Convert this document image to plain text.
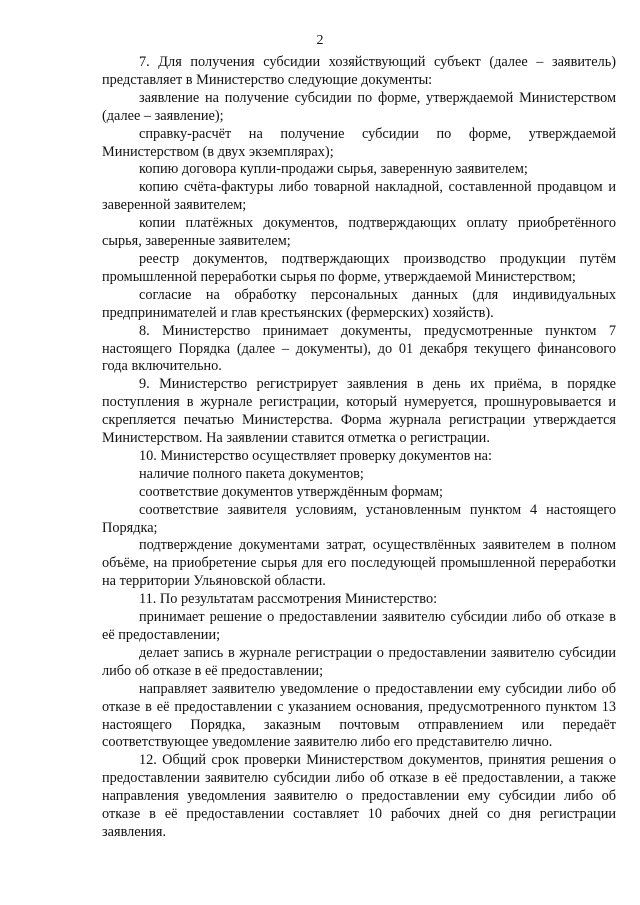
2

7. Для получения субсидии хозяйствующий субъект (далее – заявитель) представляет в Министерство следующие документы:

заявление на получение субсидии по форме, утверждаемой Министерством (далее – заявление);

справку-расчёт на получение субсидии по форме, утверждаемой Министерством (в двух экземплярах);

копию договора купли-продажи сырья, заверенную заявителем;

копию счёта-фактуры либо товарной накладной, составленной продавцом и заверенной заявителем;

копии платёжных документов, подтверждающих оплату приобретённого сырья, заверенные заявителем;

реестр документов, подтверждающих производство продукции путём промышленной переработки сырья по форме, утверждаемой Министерством;

согласие на обработку персональных данных (для индивидуальных предпринимателей и глав крестьянских (фермерских) хозяйств).

8. Министерство принимает документы, предусмотренные пунктом 7 настоящего Порядка (далее – документы), до 01 декабря текущего финансового года включительно.

9. Министерство регистрирует заявления в день их приёма, в порядке поступления в журнале регистрации, который нумеруется, прошнуровывается и скрепляется печатью Министерства. Форма журнала регистрации утверждается Министерством. На заявлении ставится отметка о регистрации.

10. Министерство осуществляет проверку документов на:

наличие полного пакета документов;

соответствие документов утверждённым формам;

соответствие заявителя условиям, установленным пунктом 4 настоящего Порядка;

подтверждение документами затрат, осуществлённых заявителем в полном объёме, на приобретение сырья для его последующей промышленной переработки на территории Ульяновской области.

11. По результатам рассмотрения Министерство:

принимает решение о предоставлении заявителю субсидии либо об отказе в её предоставлении;

делает запись в журнале регистрации о предоставлении заявителю субсидии либо об отказе в её предоставлении;

направляет заявителю уведомление о предоставлении ему субсидии либо об отказе в её предоставлении с указанием основания, предусмотренного пунктом 13 настоящего Порядка, заказным почтовым отправлением или передаёт соответствующее уведомление заявителю либо его представителю лично.

12. Общий срок проверки Министерством документов, принятия решения о предоставлении заявителю субсидии либо об отказе в её предоставлении, а также направления уведомления заявителю о предоставлении ему субсидии либо об отказе в её предоставлении составляет 10 рабочих дней со дня регистрации заявления.
